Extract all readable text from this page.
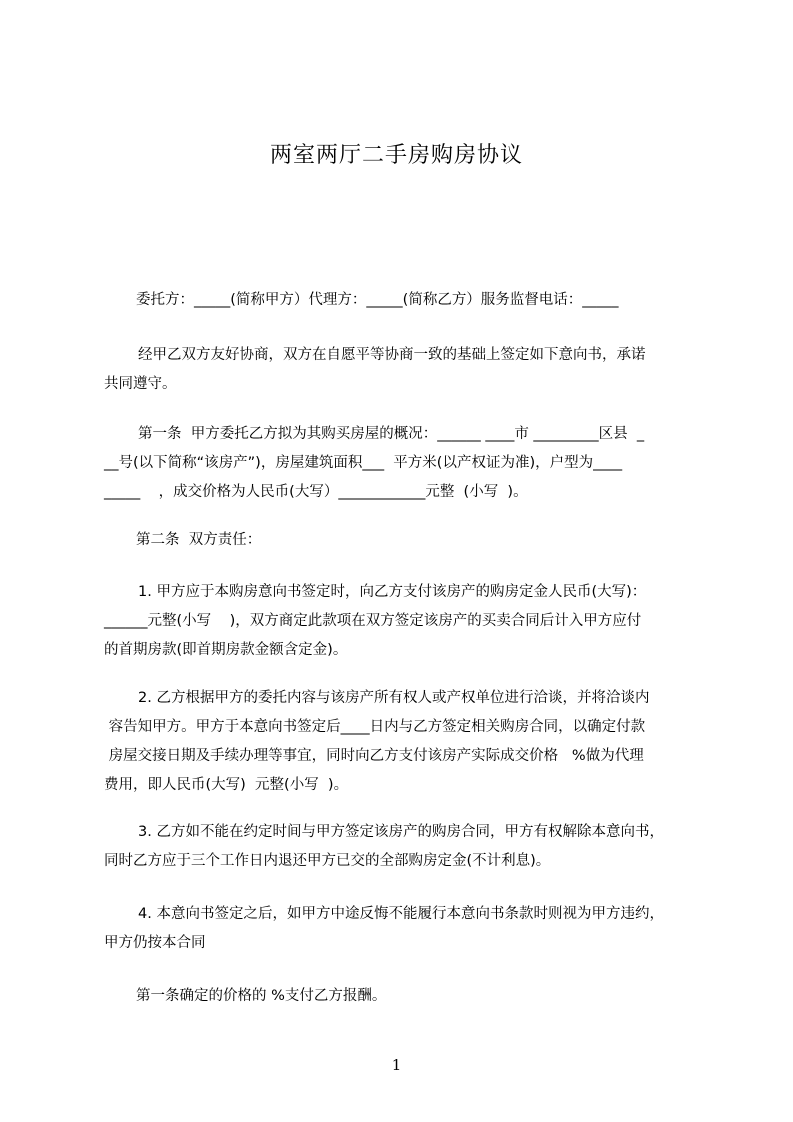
两室两厅二手房购房协议
委托方：_____(简称甲方）代理方：_____(简称乙方）服务监督电话：_____
经甲乙双方友好协商，双方在自愿平等协商一致的基础上签定如下意向书，承诺
共同遵守。
第一条  甲方委托乙方拟为其购买房屋的概况：______ ____市 _________区县  _
__号(以下简称“该房产”)，房屋建筑面积___  平方米(以产权证为准)，户型为____
_____    ，成交价格为人民币(大写）____________元整  (小写  )。
第二条  双方责任：
1. 甲方应于本购房意向书签定时，向乙方支付该房产的购房定金人民币(大写)：
______元整(小写    )，双方商定此款项在双方签定该房产的买卖合同后计入甲方应付
的首期房款(即首期房款金额含定金)。
2. 乙方根据甲方的委托内容与该房产所有权人或产权单位进行洽谈，并将洽谈内
容告知甲方。甲方于本意向书签定后____日内与乙方签定相关购房合同，以确定付款
房屋交接日期及手续办理等事宜，同时向乙方支付该房产实际成交价格   %做为代理
费用，即人民币(大写)  元整(小写  )。
3. 乙方如不能在约定时间与甲方签定该房产的购房合同，甲方有权解除本意向书，
同时乙方应于三个工作日内退还甲方已交的全部购房定金(不计利息)。
4. 本意向书签定之后，如甲方中途反悔不能履行本意向书条款时则视为甲方违约，
甲方仍按本合同
第一条确定的价格的 %支付乙方报酬。
1
